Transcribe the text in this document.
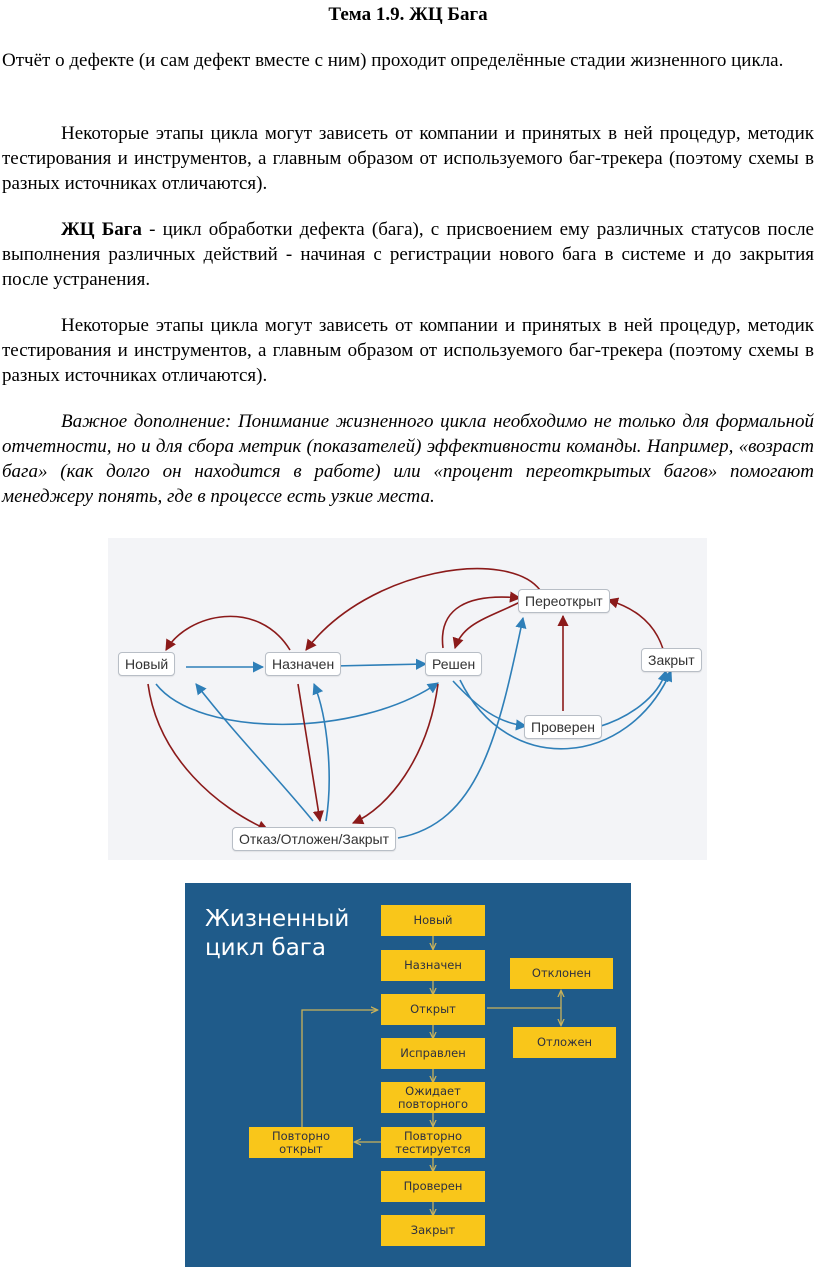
Тема 1.9. ЖЦ Бага

Отчёт о дефекте (и сам дефект вместе с ним) проходит определённые стадии жизненного цикла.

Некоторые этапы цикла могут зависеть от компании и принятых в ней процедур, методик тестирования и инструментов, а главным образом от используемого баг-трекера (поэтому схемы в разных источниках отличаются).

ЖЦ Бага - цикл обработки дефекта (бага), с присвоением ему различных статусов после выполнения различных действий - начиная с регистрации нового бага в системе и до закрытия после устранения.

Некоторые этапы цикла могут зависеть от компании и принятых в ней процедур, методик тестирования и инструментов, а главным образом от используемого баг-трекера (поэтому схемы в разных источниках отличаются).

Важное дополнение: Понимание жизненного цикла необходимо не только для формальной отчетности, но и для сбора метрик (показателей) эффективности команды. Например, «возраст бага» (как долго он находится в работе) или «процент переоткрытых багов» помогают менеджеру понять, где в процессе есть узкие места.

Новый	Назначен	Решен
Переоткрыт
Закрыт
Проверен
Отказ/Отложен/Закрыт
Жизненный
цикл бага
Новый
Назначен
Открыт
Исправлен
Ожидает
повторного
Повторно
тестируется
Проверен
Закрыт
Отклонен
Отложен
Повторно
открыт
